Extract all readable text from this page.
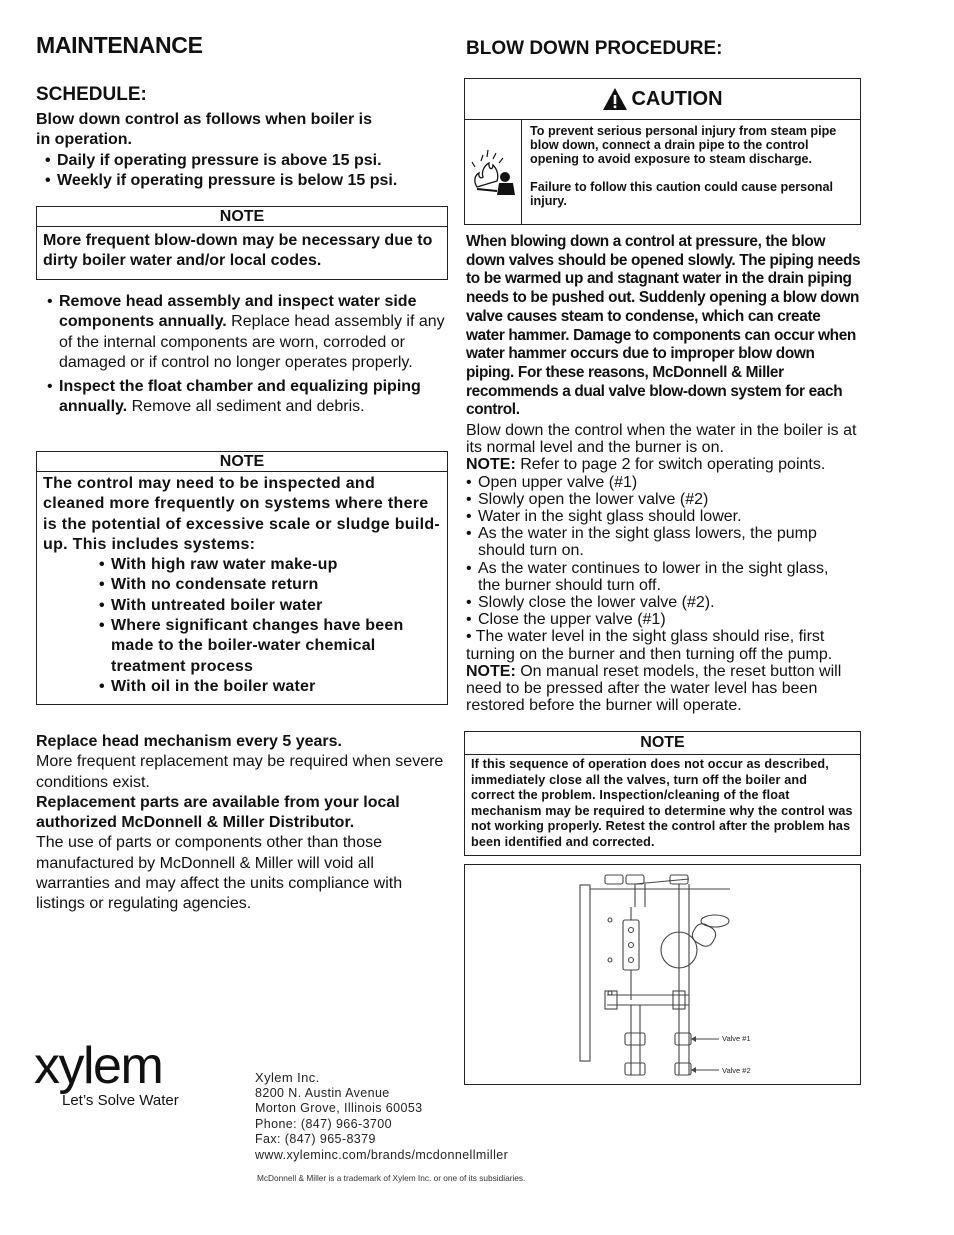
MAINTENANCE
SCHEDULE:
Blow down control as follows when boiler is
in operation.
• Daily if operating pressure is above 15 psi.
• Weekly if operating pressure is below 15 psi.
NOTE
More frequent blow-down may be necessary due to dirty boiler water and/or local codes.
• Remove head assembly and inspect water side components annually. Replace head assembly if any of the internal components are worn, corroded or damaged or if control no longer operates properly.
• Inspect the float chamber and equalizing piping annually. Remove all sediment and debris.
NOTE
The control may need to be inspected and cleaned more frequently on systems where there is the potential of excessive scale or sludge build-up. This includes systems:
• With high raw water make-up
• With no condensate return
• With untreated boiler water
• Where significant changes have been made to the boiler-water chemical treatment process
• With oil in the boiler water
Replace head mechanism every 5 years.
More frequent replacement may be required when severe conditions exist.
Replacement parts are available from your local authorized McDonnell & Miller Distributor.
The use of parts or components other than those manufactured by McDonnell & Miller will void all warranties and may affect the units compliance with listings or regulating agencies.
BLOW DOWN PROCEDURE:
CAUTION
To prevent serious personal injury from steam pipe blow down, connect a drain pipe to the control opening to avoid exposure to steam discharge.
Failure to follow this caution could cause personal injury.
When blowing down a control at pressure, the blow down valves should be opened slowly. The piping needs to be warmed up and stagnant water in the drain piping needs to be pushed out. Suddenly opening a blow down valve causes steam to condense, which can create water hammer. Damage to components can occur when water hammer occurs due to improper blow down piping. For these reasons, McDonnell & Miller recommends a dual valve blow-down system for each control.
Blow down the control when the water in the boiler is at its normal level and the burner is on.
NOTE: Refer to page 2 for switch operating points.
• Open upper valve (#1)
• Slowly open the lower valve (#2)
• Water in the sight glass should lower.
• As the water in the sight glass lowers, the pump should turn on.
• As the water continues to lower in the sight glass, the burner should turn off.
• Slowly close the lower valve (#2).
• Close the upper valve (#1)
• The water level in the sight glass should rise, first turning on the burner and then turning off the pump.
NOTE: On manual reset models, the reset button will need to be pressed after the water level has been restored before the burner will operate.
NOTE
If this sequence of operation does not occur as described, immediately close all the valves, turn off the boiler and correct the problem. Inspection/cleaning of the float mechanism may be required to determine why the control was not working properly. Retest the control after the problem has been identified and corrected.
Valve #1
Valve #2
xylem
Let’s Solve Water
Xylem Inc.
8200 N. Austin Avenue
Morton Grove, Illinois 60053
Phone: (847) 966-3700
Fax: (847) 965-8379
www.xyleminc.com/brands/mcdonnellmiller
McDonnell & Miller is a trademark of Xylem Inc. or one of its subsidiaries.
